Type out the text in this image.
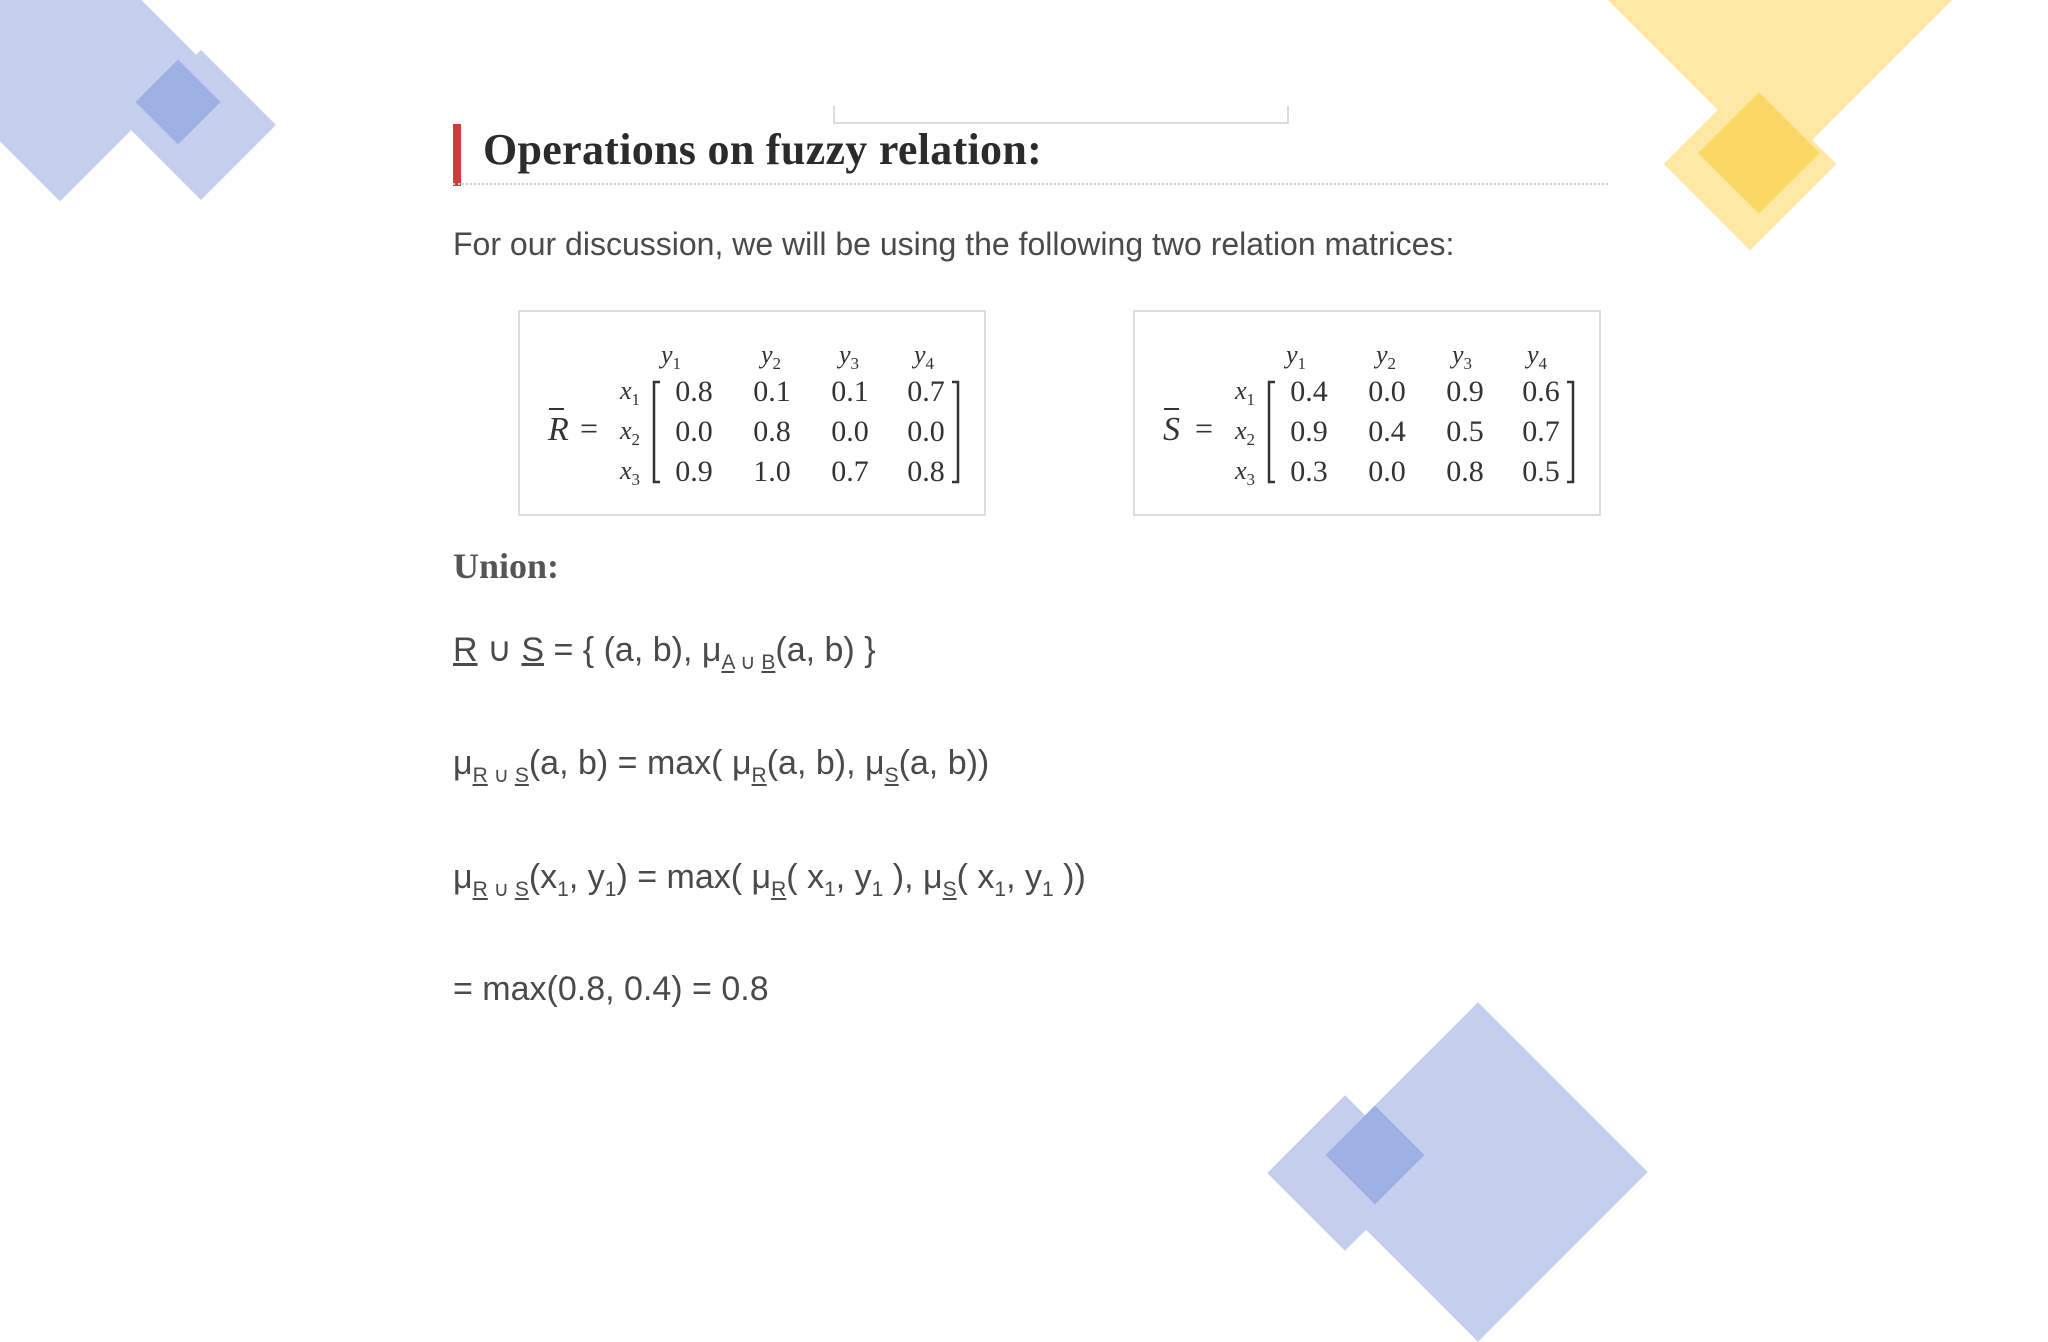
Operations on fuzzy relation:
For our discussion, we will be using the following two relation matrices:
R =
$y_1$	$y_2$ $y_3$ $y_4$
$x_1$
$x_2$
$x_3$
0.8 0.1 0.1 0.7
0.0 0.8 0.0 0.0
0.9 1.0 0.7 0.8
S =
$y_1$	$y_2$ $y_3$ $y_4$
$x_1$
$x_2$
$x_3$
0.4 0.0 0.9 0.6
0.9 0.4 0.5 0.7
0.3 0.0 0.8 0.5
Union:
R ∪ S = { (a, b), $\mu_{A \cup B}(a$, b) }
$\mu_{R \cup S}(a$, b) = max( $\mu_R(a$, b), $\mu_S(a$, b))
$\mu_{R \cup S}(x_1$, $y_1) = \max$( $\mu_R$( $x_1$, $y_1$ ), $\mu_S$( $x_1$, $y_1$ ))
= max(0.8, 0.4) = 0.8
